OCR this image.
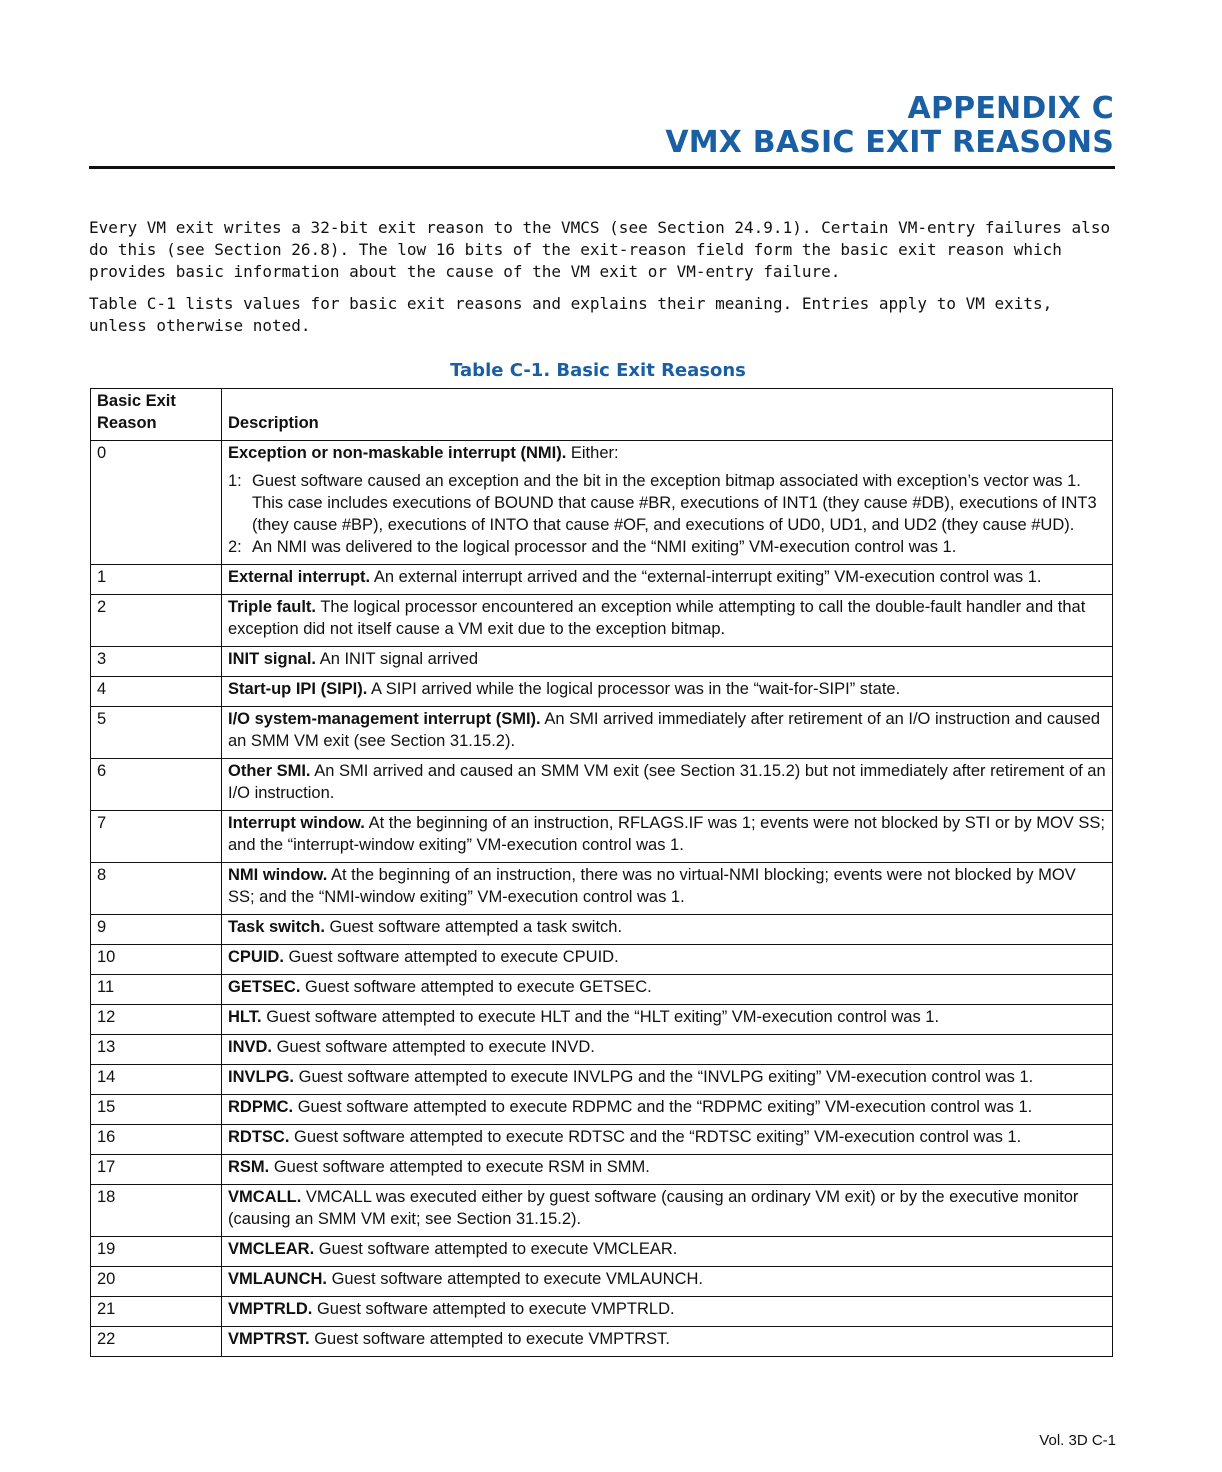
APPENDIX C
VMX BASIC EXIT REASONS
Every VM exit writes a 32-bit exit reason to the VMCS (see Section 24.9.1). Certain VM-entry failures also do this (see Section 26.8). The low 16 bits of the exit-reason field form the basic exit reason which provides basic information about the cause of the VM exit or VM-entry failure.
Table C-1 lists values for basic exit reasons and explains their meaning. Entries apply to VM exits, unless otherwise noted.
Table C-1. Basic Exit Reasons
Basic Exit Reason	Description
0	Exception or non-maskable interrupt (NMI). Either:
1: Guest software caused an exception and the bit in the exception bitmap associated with exception’s vector was 1. This case includes executions of BOUND that cause #BR, executions of INT1 (they cause #DB), executions of INT3 (they cause #BP), executions of INTO that cause #OF, and executions of UD0, UD1, and UD2 (they cause #UD).
2: An NMI was delivered to the logical processor and the “NMI exiting” VM-execution control was 1.

1	External interrupt. An external interrupt arrived and the “external-interrupt exiting” VM-execution control was 1.

2	Triple fault. The logical processor encountered an exception while attempting to call the double-fault handler and that exception did not itself cause a VM exit due to the exception bitmap.

3	INIT signal. An INIT signal arrived

4	Start-up IPI (SIPI). A SIPI arrived while the logical processor was in the “wait-for-SIPI” state.

5	I/O system-management interrupt (SMI). An SMI arrived immediately after retirement of an I/O instruction and caused an SMM VM exit (see Section 31.15.2).

6	Other SMI. An SMI arrived and caused an SMM VM exit (see Section 31.15.2) but not immediately after retirement of an I/O instruction.

7	Interrupt window. At the beginning of an instruction, RFLAGS.IF was 1; events were not blocked by STI or by MOV SS; and the “interrupt-window exiting” VM-execution control was 1.

8	NMI window. At the beginning of an instruction, there was no virtual-NMI blocking; events were not blocked by MOV SS; and the “NMI-window exiting” VM-execution control was 1.

9	Task switch. Guest software attempted a task switch.

10	CPUID. Guest software attempted to execute CPUID.

11	GETSEC. Guest software attempted to execute GETSEC.

12	HLT. Guest software attempted to execute HLT and the “HLT exiting” VM-execution control was 1.

13	INVD. Guest software attempted to execute INVD.

14	INVLPG. Guest software attempted to execute INVLPG and the “INVLPG exiting” VM-execution control was 1.

15	RDPMC. Guest software attempted to execute RDPMC and the “RDPMC exiting” VM-execution control was 1.

16	RDTSC. Guest software attempted to execute RDTSC and the “RDTSC exiting” VM-execution control was 1.

17	RSM. Guest software attempted to execute RSM in SMM.

18	VMCALL. VMCALL was executed either by guest software (causing an ordinary VM exit) or by the executive monitor (causing an SMM VM exit; see Section 31.15.2).

19	VMCLEAR. Guest software attempted to execute VMCLEAR.

20	VMLAUNCH. Guest software attempted to execute VMLAUNCH.

21	VMPTRLD. Guest software attempted to execute VMPTRLD.

22	VMPTRST. Guest software attempted to execute VMPTRST.
Vol. 3D C-1
